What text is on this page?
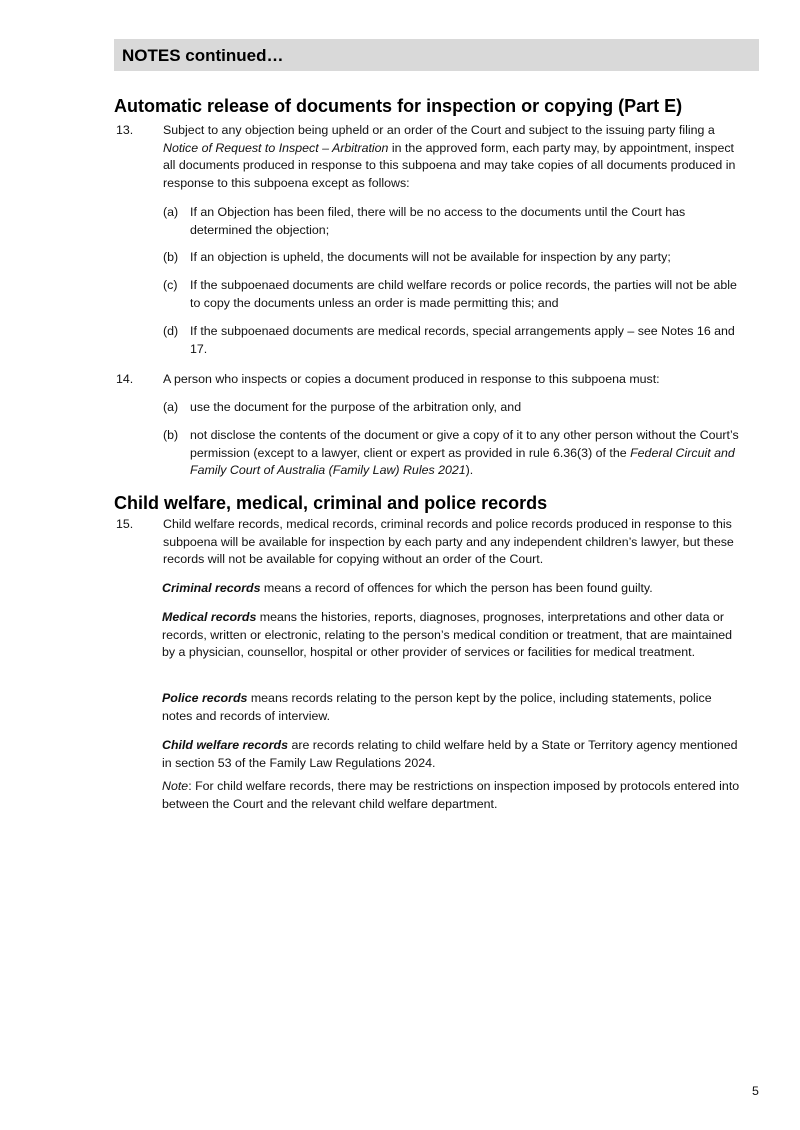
NOTES continued…
Automatic release of documents for inspection or copying (Part E)
13. Subject to any objection being upheld or an order of the Court and subject to the issuing party filing a Notice of Request to Inspect – Arbitration in the approved form, each party may, by appointment, inspect all documents produced in response to this subpoena and may take copies of all documents produced in response to this subpoena except as follows:
(a) If an Objection has been filed, there will be no access to the documents until the Court has determined the objection;
(b) If an objection is upheld, the documents will not be available for inspection by any party;
(c) If the subpoenaed documents are child welfare records or police records, the parties will not be able to copy the documents unless an order is made permitting this; and
(d) If the subpoenaed documents are medical records, special arrangements apply – see Notes 16 and 17.
14. A person who inspects or copies a document produced in response to this subpoena must:
(a) use the document for the purpose of the arbitration only, and
(b) not disclose the contents of the document or give a copy of it to any other person without the Court’s permission (except to a lawyer, client or expert as provided in rule 6.36(3) of the Federal Circuit and Family Court of Australia (Family Law) Rules 2021).
Child welfare, medical, criminal and police records
15. Child welfare records, medical records, criminal records and police records produced in response to this subpoena will be available for inspection by each party and any independent children’s lawyer, but these records will not be available for copying without an order of the Court.
Criminal records means a record of offences for which the person has been found guilty.
Medical records means the histories, reports, diagnoses, prognoses, interpretations and other data or records, written or electronic, relating to the person’s medical condition or treatment, that are maintained by a physician, counsellor, hospital or other provider of services or facilities for medical treatment.
Police records means records relating to the person kept by the police, including statements, police notes and records of interview.
Child welfare records are records relating to child welfare held by a State or Territory agency mentioned in section 53 of the Family Law Regulations 2024.
Note: For child welfare records, there may be restrictions on inspection imposed by protocols entered into between the Court and the relevant child welfare department.
5
